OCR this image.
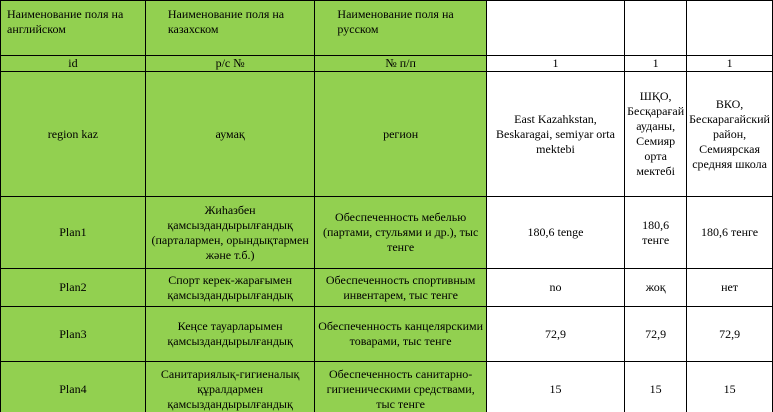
Наименование поля на английском	Наименование поля на казахском	Наименование поля на русском			
id	р/с №	№ п/п	1	1	1
region kaz	аумақ	регион	East Kazahkstan, Beskaragai, semiyar orta mektebi	ШҚО, Бесқарағай ауданы, Семияр орта мектебі	ВКО, Бескарагайский район, Семиярская средняя школа
Plan1	Жиhазбен қамсыздандырылғандық (парталармен, орындықтармен және т.б.)	Обеспеченность мебелью (партами, стульями и др.), тыс тенге	180,6 tenge	180,6 тенге	180,6 тенге
Plan2	Спорт керек-жарағымен қамсыздандырылғандық	Обеспеченность спортивным инвентарем, тыс тенге	no	жоқ	нет
Plan3	Кеңсе тауарларымен қамсыздандырылғандық	Обеспеченность канцелярскими товарами, тыс тенге	72,9	72,9	72,9
Plan4	Санитариялық-гигиеналық құралдармен қамсыздандырылғандық	Обеспеченность санитарно-гигиеническими средствами, тыс тенге	15	15	15
